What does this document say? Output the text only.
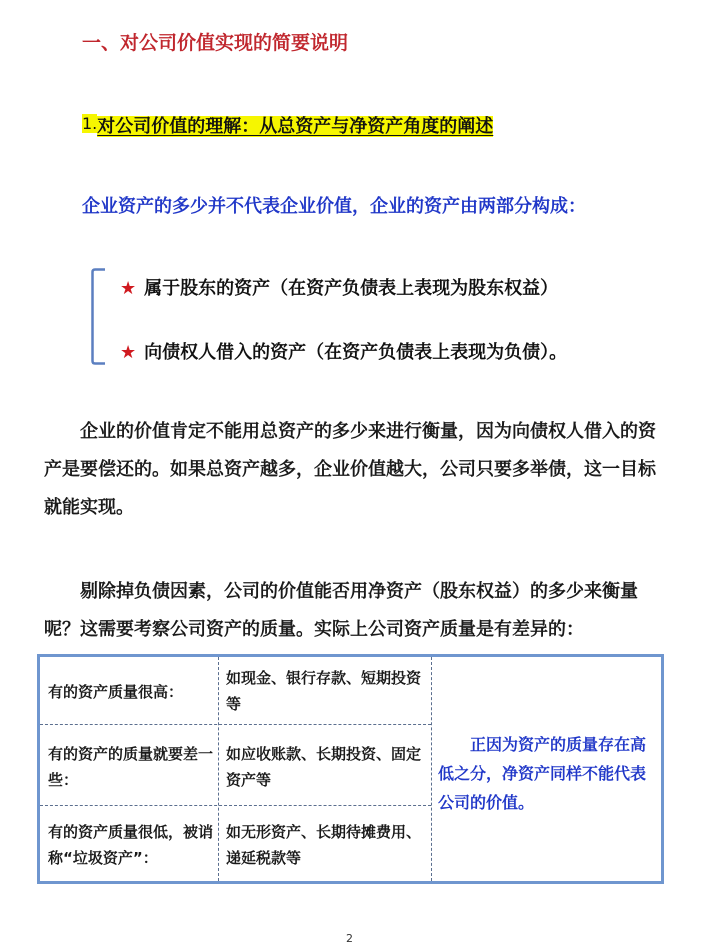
一、对公司价值实现的简要说明
1.对公司价值的理解：从总资产与净资产角度的阐述
企业资产的多少并不代表企业价值，企业的资产由两部分构成：
★ 属于股东的资产（在资产负债表上表现为股东权益）
★ 向债权人借入的资产（在资产负债表上表现为负债）。
企业的价值肯定不能用总资产的多少来进行衡量，因为向债权人借入的资产是要偿还的。如果总资产越多，企业价值越大，公司只要多举债，这一目标就能实现。
剔除掉负债因素，公司的价值能否用净资产（股东权益）的多少来衡量呢？这需要考察公司资产的质量。实际上公司资产质量是有差异的：
有的资产质量很高：
如现金、银行存款、短期投资等
有的资产的质量就要差一些：
如应收账款、长期投资、固定资产等
有的资产质量很低，被诮称“垃圾资产”：
如无形资产、长期待摊费用、递延税款等
正因为资产的质量存在高低之分，净资产同样不能代表公司的价值。
2
